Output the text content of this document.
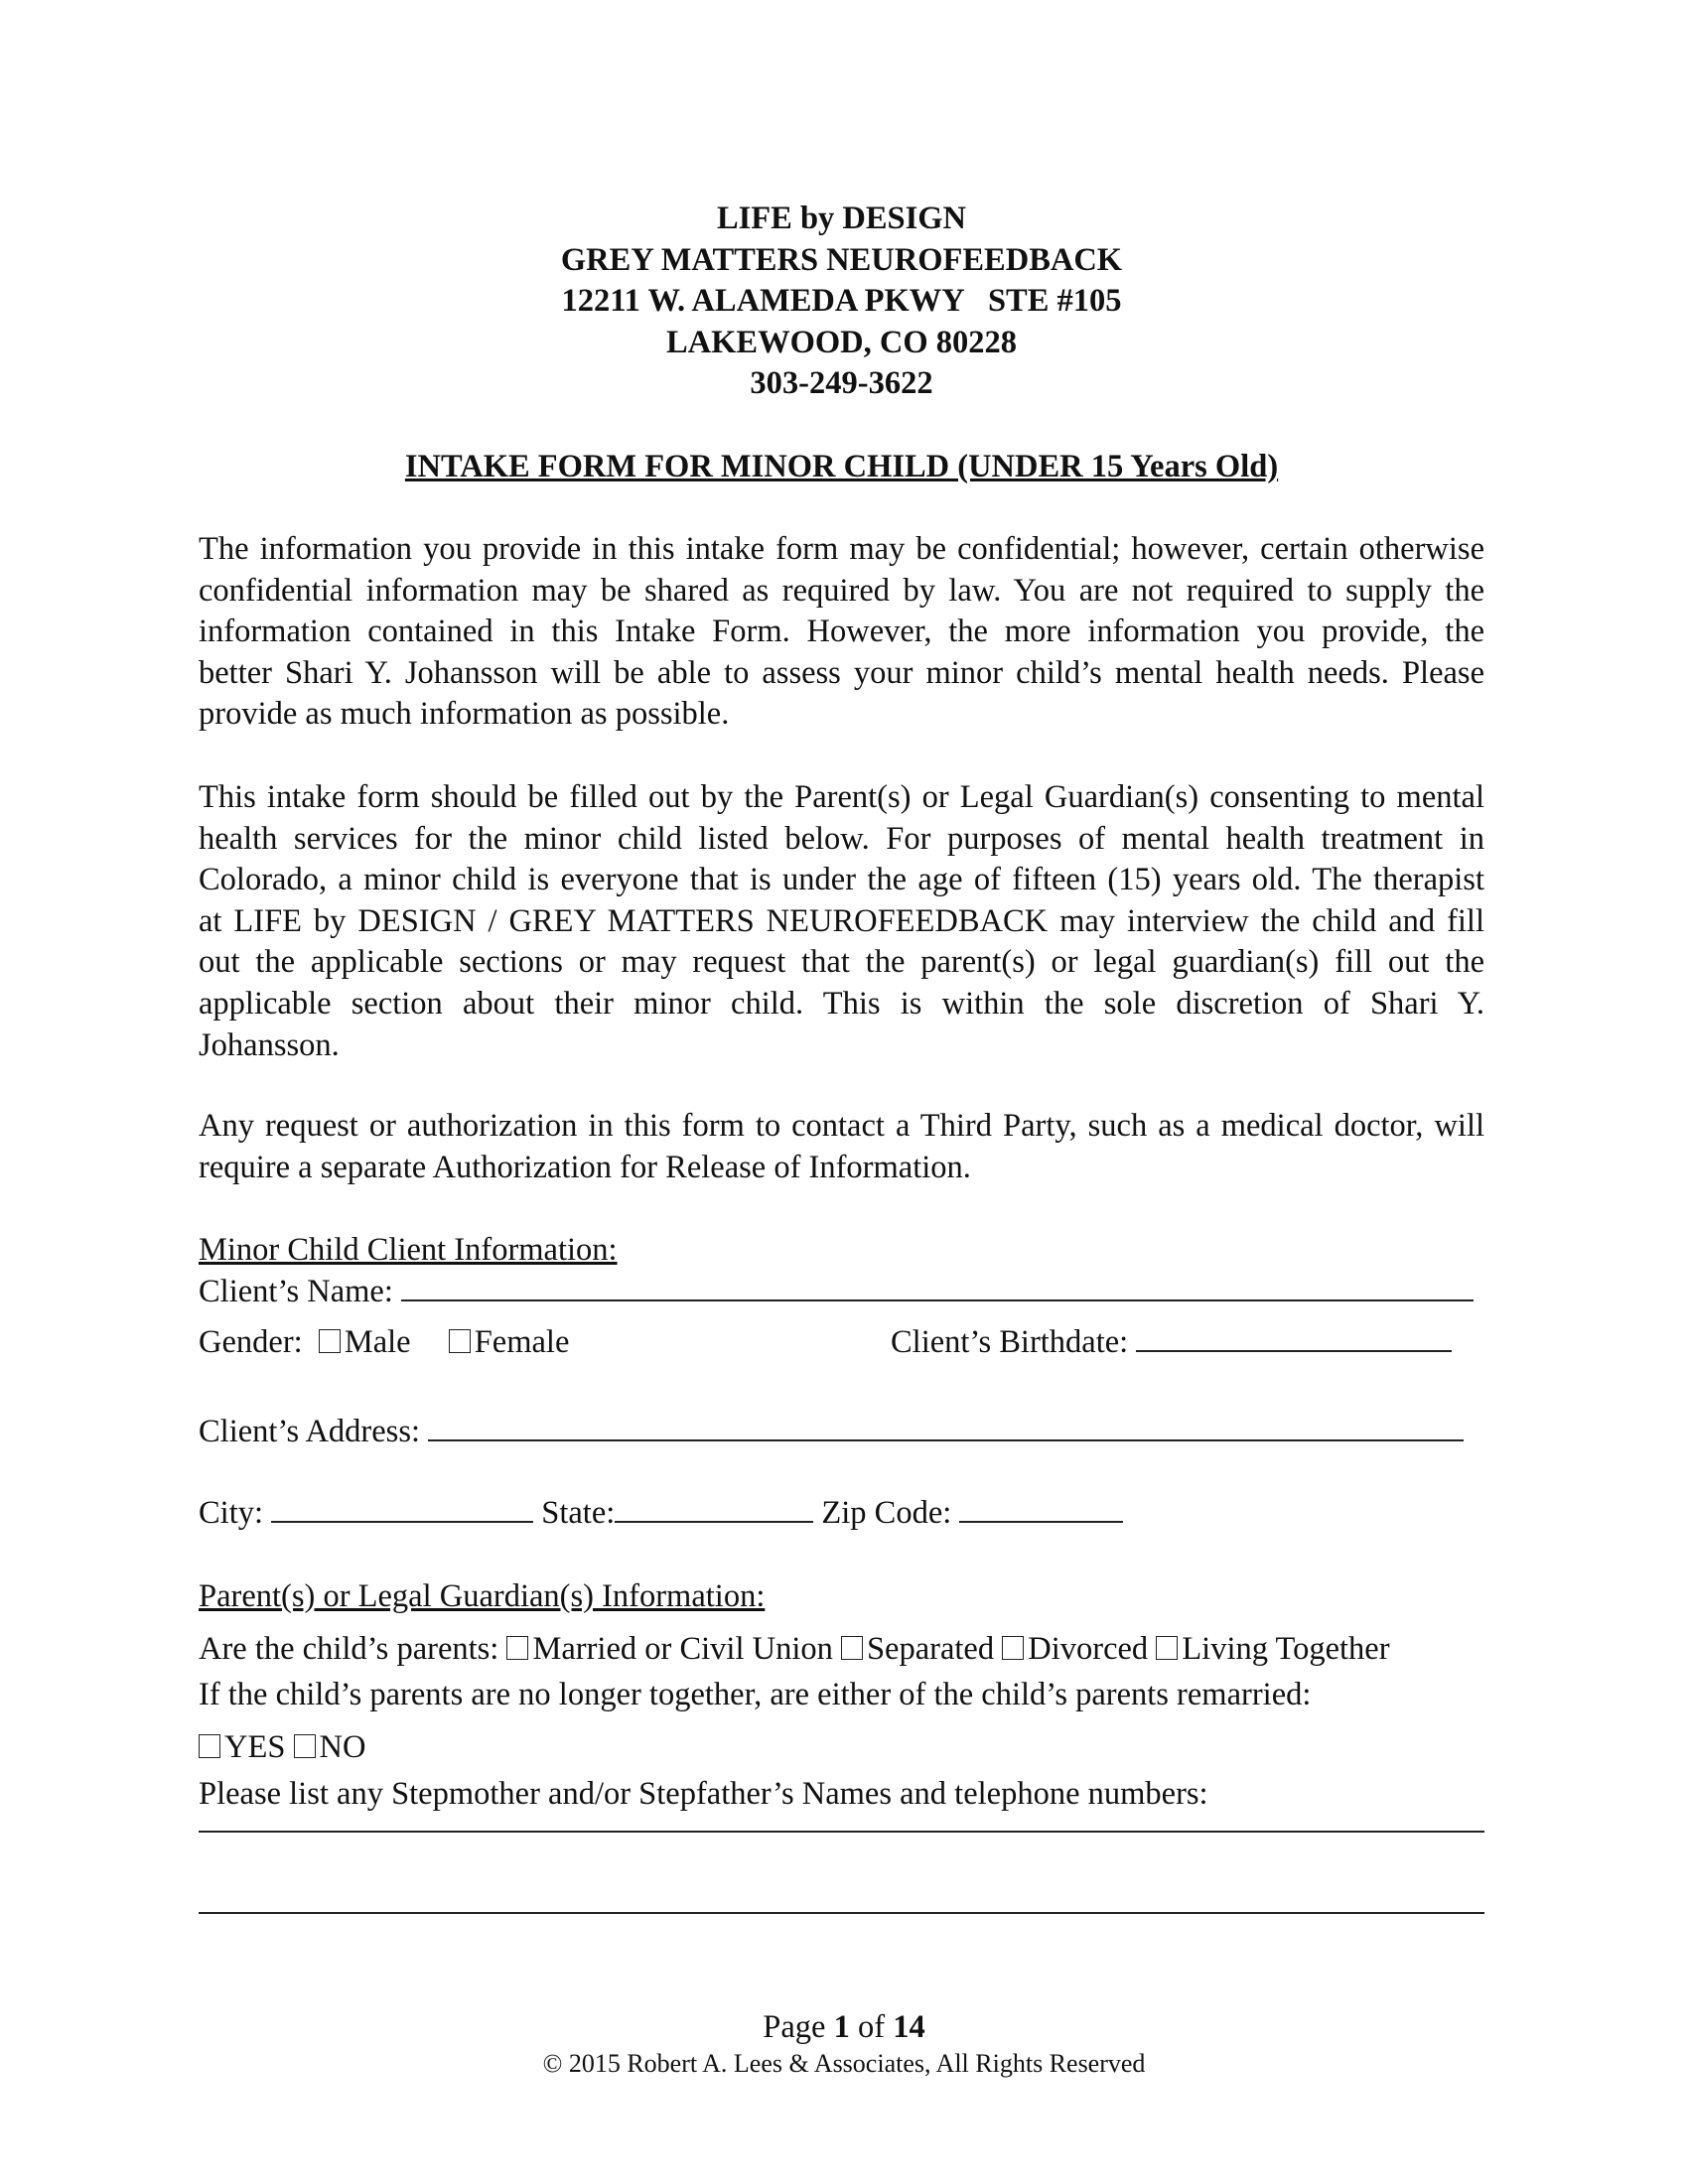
LIFE by DESIGN
GREY MATTERS NEUROFEEDBACK
12211 W. ALAMEDA PKWY   STE #105
LAKEWOOD, CO 80228
303-249-3622
INTAKE FORM FOR MINOR CHILD (UNDER 15 Years Old)
The information you provide in this intake form may be confidential; however, certain otherwise
confidential information may be shared as required by law. You are not required to supply the
information contained in this Intake Form. However, the more information you provide, the
better Shari Y. Johansson will be able to assess your minor child’s mental health needs. Please
provide as much information as possible.
This intake form should be filled out by the Parent(s) or Legal Guardian(s) consenting to mental
health services for the minor child listed below. For purposes of mental health treatment in
Colorado, a minor child is everyone that is under the age of fifteen (15) years old. The therapist
at LIFE by DESIGN / GREY MATTERS NEUROFEEDBACK may interview the child and fill
out the applicable sections or may request that the parent(s) or legal guardian(s) fill out the
applicable section about their minor child. This is within the sole discretion of Shari Y.
Johansson.
Any request or authorization in this form to contact a Third Party, such as a medical doctor, will
require a separate Authorization for Release of Information.
Minor Child Client Information:
Client’s Name:
Gender: Male Female	Client’s Birthdate:
Client’s Address:
City:	State:	Zip Code:
Parent(s) or Legal Guardian(s) Information:
Are the child’s parents: Married or Civil Union Separated Divorced Living Together
If the child’s parents are no longer together, are either of the child’s parents remarried:
YES NO
Please list any Stepmother and/or Stepfather’s Names and telephone numbers:
Page 1 of 14
© 2015 Robert A. Lees & Associates, All Rights Reserved
